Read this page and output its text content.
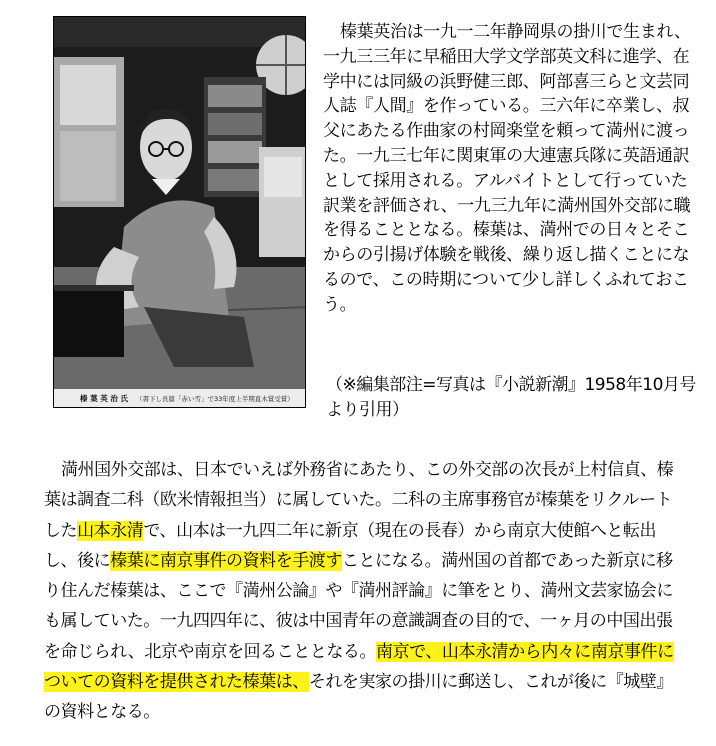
榛 葉 英 治 氏 （書下し長篇「赤い雪」で33年度上半期直木賞受賞）

榛葉英治は一九一二年静岡県の掛川で生まれ、一九三三年に早稲田大学文学部英文科に進学、在学中には同級の浜野健三郎、阿部喜三らと文芸同人誌『人間』を作っている。三六年に卒業し、叔父にあたる作曲家の村岡楽堂を頼って満州に渡った。一九三七年に関東軍の大連憲兵隊に英語通訳として採用される。アルバイトとして行っていた訳業を評価され、一九三九年に満州国外交部に職を得ることとなる。榛葉は、満州での日々とそこからの引揚げ体験を戦後、繰り返し描くことになるので、この時期について少し詳しくふれておこう。

（※編集部注=写真は『小説新潮』1958年10月号より引用）

満州国外交部は、日本でいえば外務省にあたり、この外交部の次長が上村信貞、榛葉は調査二科（欧米情報担当）に属していた。二科の主席事務官が榛葉をリクルートした山本永清で、山本は一九四二年に新京（現在の長春）から南京大使館へと転出し、後に榛葉に南京事件の資料を手渡すことになる。満州国の首都であった新京に移り住んだ榛葉は、ここで『満州公論』や『満州評論』に筆をとり、満州文芸家協会にも属していた。一九四四年に、彼は中国青年の意識調査の目的で、一ヶ月の中国出張を命じられ、北京や南京を回ることとなる。南京で、山本永清から内々に南京事件についての資料を提供された榛葉は、それを実家の掛川に郵送し、これが後に『城壁』の資料となる。
